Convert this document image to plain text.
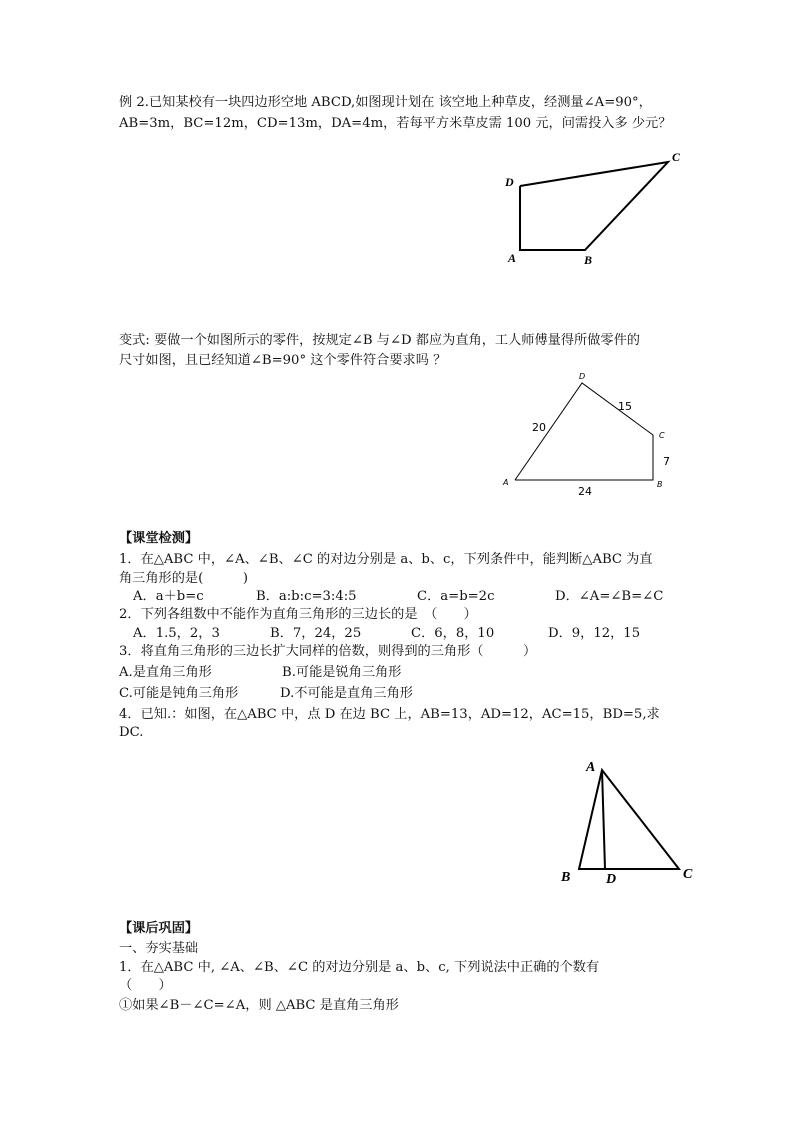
例 2.已知某校有一块四边形空地 ABCD,如图现计划在 该空地上种草皮，经测量∠A=90°，
AB=3m，BC=12m，CD=13m，DA=4m，若每平方米草皮需 100 元，问需投入多 少元？
D
C
A	B
变式: 要做一个如图所示的零件，按规定∠B 与∠D 都应为直角，工人师傅量得所做零件的
尺寸如图，且已经知道∠B=90° 这个零件符合要求吗 ？
D
C
A	B
20
15
7
24
【课堂检测】
1．在△ABC 中，∠A、∠B、∠C 的对边分别是 a、b、c，下列条件中，能判断△ABC 为直
角三角形的是(　　　)
A．a＋b=c	B．a:b:c=3:4:5	C．a=b=2c	D．∠A=∠B=∠C
2．下列各组数中不能作为直角三角形的三边长的是　（　　）
A．1.5，2，3	B．7，24，25	C．6，8，10	D．9，12，15
3．将直角三角形的三边长扩大同样的倍数，则得到的三角形（　　　）
A.是直角三角形	B.可能是锐角三角形
C.可能是钝角三角形	D.不可能是直角三角形
4．已知.：如图，在△ABC 中，点 D 在边 BC 上，AB=13，AD=12，AC=15，BD=5,求
DC.
A
B	D	C
【课后巩固】
一、夯实基础
1．在△ABC 中, ∠A、∠B、∠C 的对边分别是 a、b、c, 下列说法中正确的个数有
（　　）
①如果∠B－∠C=∠A，则 △ABC 是直角三角形
